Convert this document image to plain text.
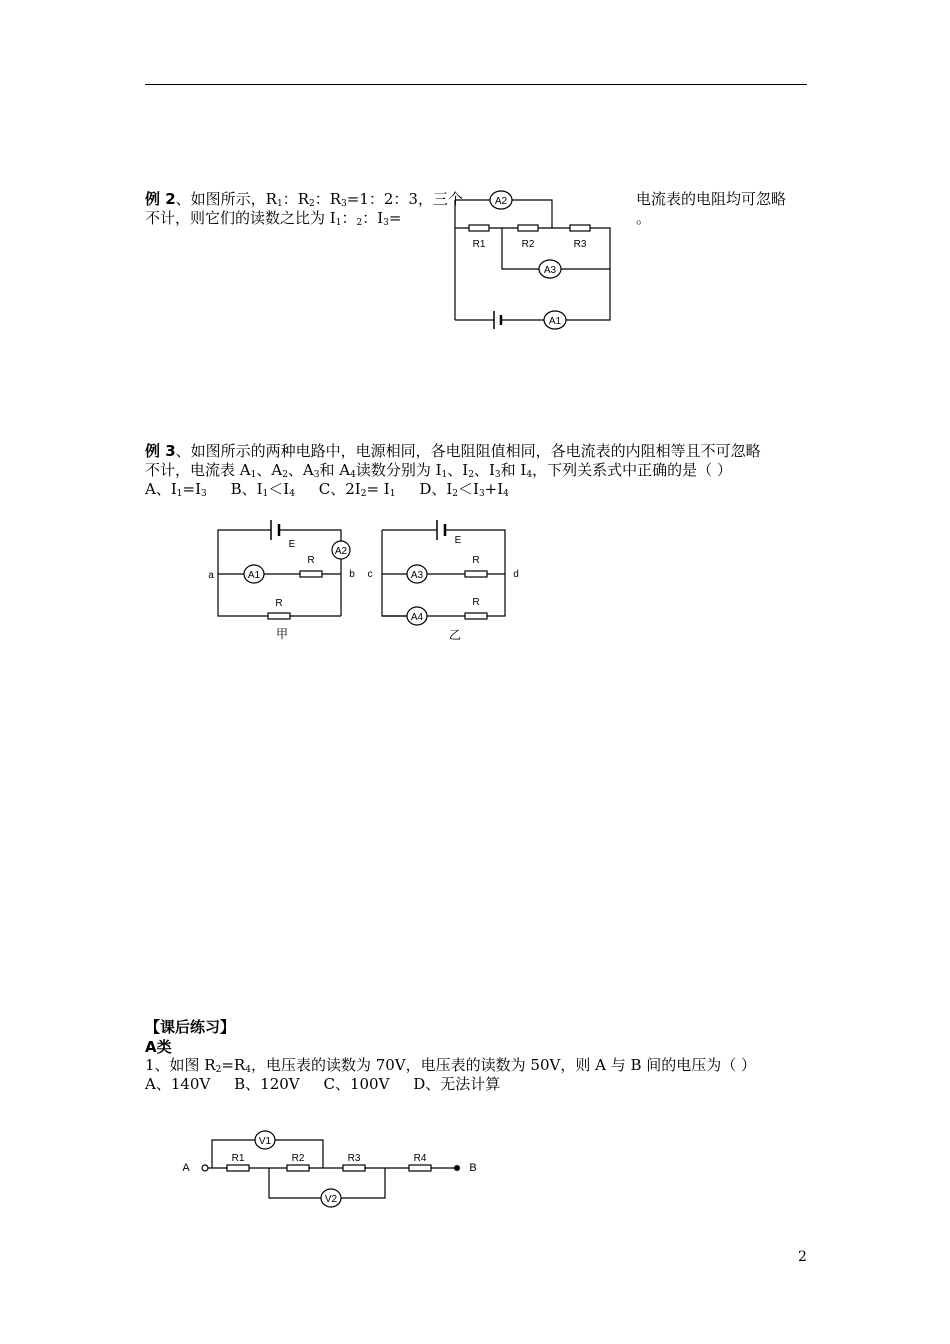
例 2、如图所示，$R_1$：$R_2$：$R_3=1$：2：3，三个	电流表的电阻均可忽略
不计，则它们的读数之比为 $I_1$：$_2$：$I_3=$	。
A2
A3
A1
R1	R2	R3
例 3、如图所示的两种电路中，电源相同，各电阻阻值相同，各电流表的内阻相等且不可忽略
不计，电流表 $A_1$、$A_2$、$A_3$和 $A_4$读数分别为 $I_1$、$I_2$、$I_3$和 $I_4$，下列关系式中正确的是（ ）
A、$I_1=I_3$ B、$I_1<I_4$ C、$2I_2= I_1$ D、$I_2<I_3+I_4$
A1
A2
A3
A4
E	E
R
R
R
R
a	b c	d
甲	乙
【课后练习】
A类
1、如图 $R_2=R_4$，电压表的读数为 70V，电压表的读数为 50V，则 A 与 B 间的电压为（ ）
A、140V     B、120V     C、100V     D、无法计算
V1
V2
R1	R2	R3	R4
A	B
2
